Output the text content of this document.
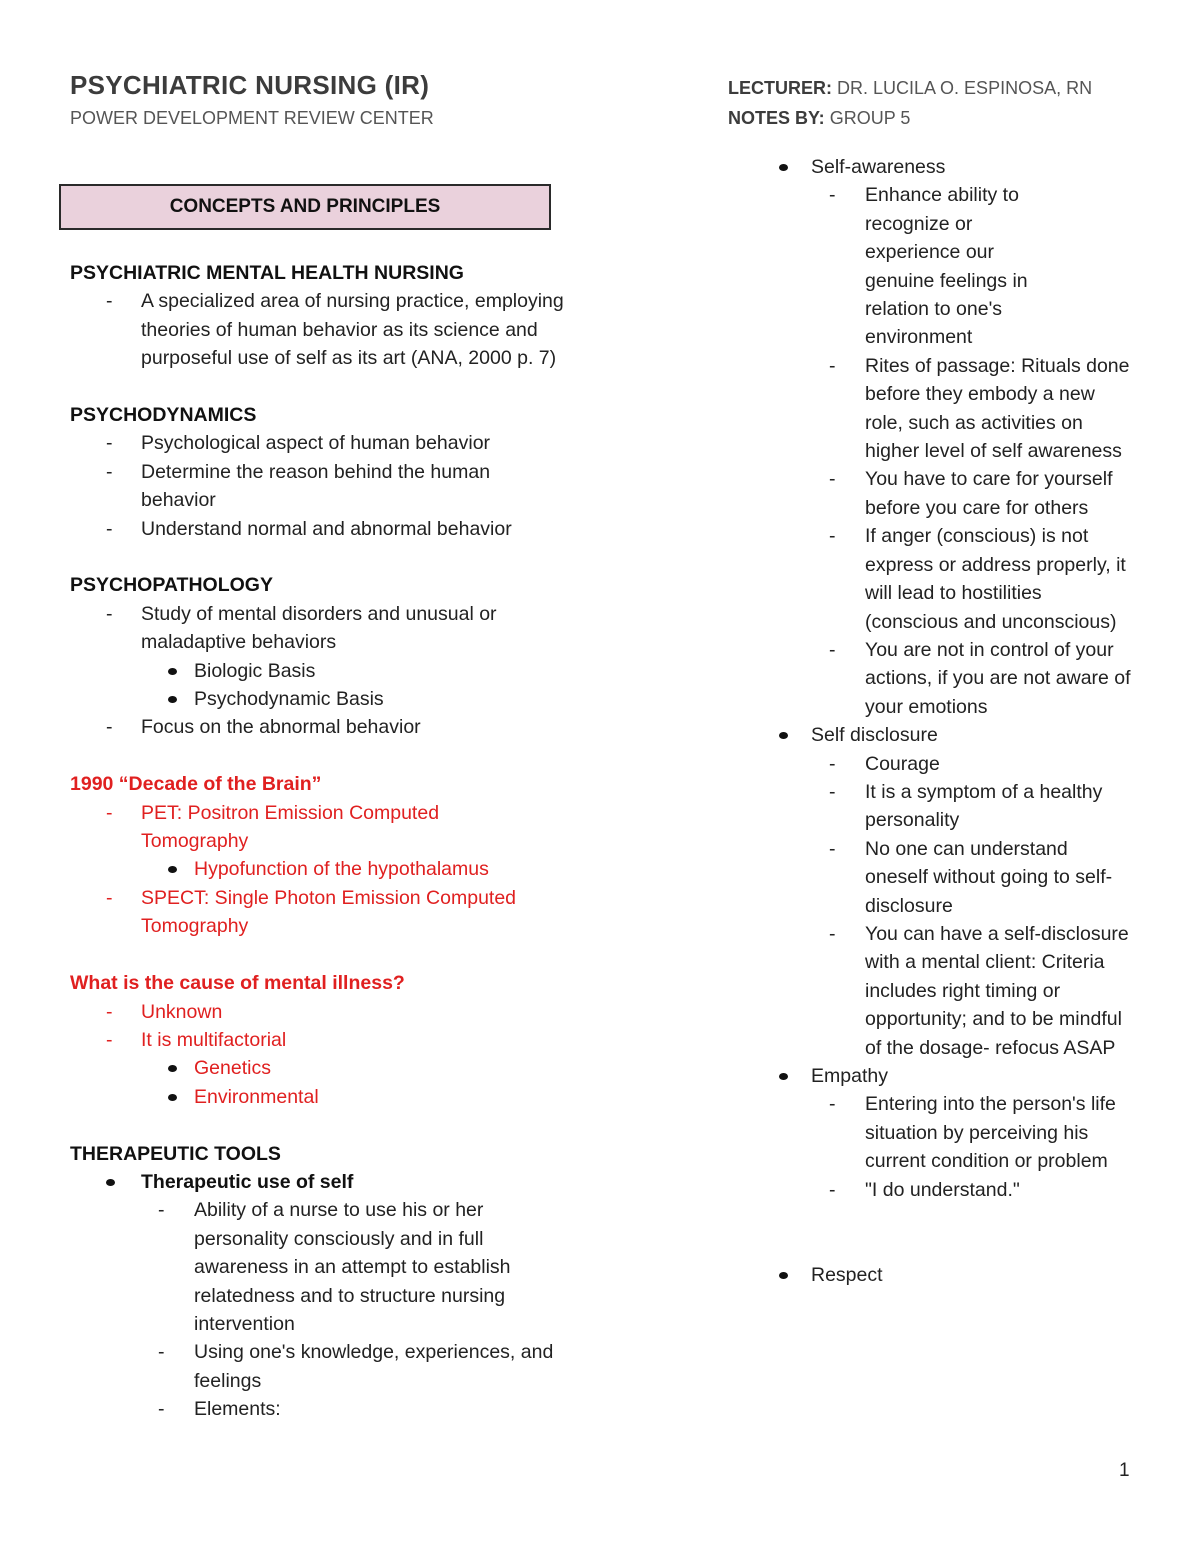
PSYCHIATRIC NURSING (IR)
POWER DEVELOPMENT REVIEW CENTER
LECTURER: DR. LUCILA O. ESPINOSA, RN
NOTES BY: GROUP 5
CONCEPTS AND PRINCIPLES
PSYCHIATRIC MENTAL HEALTH NURSING
- A specialized area of nursing practice, employing theories of human behavior as its science and purposeful use of self as its art (ANA, 2000 p. 7)
PSYCHODYNAMICS
- Psychological aspect of human behavior
- Determine the reason behind the human behavior
- Understand normal and abnormal behavior
PSYCHOPATHOLOGY
- Study of mental disorders and unusual or maladaptive behaviors
Biologic Basis
Psychodynamic Basis
- Focus on the abnormal behavior
1990 “Decade of the Brain”
- PET: Positron Emission Computed Tomography
Hypofunction of the hypothalamus
- SPECT: Single Photon Emission Computed Tomography
What is the cause of mental illness?
- Unknown
- It is multifactorial
Genetics
Environmental
THERAPEUTIC TOOLS
Therapeutic use of self
- Ability of a nurse to use his or her personality consciously and in full awareness in an attempt to establish relatedness and to structure nursing intervention
- Using one's knowledge, experiences, and feelings
- Elements:
Self-awareness
- Enhance ability to recognize or experience our genuine feelings in relation to one's environment
- Rites of passage: Rituals done before they embody a new role, such as activities on higher level of self awareness
- You have to care for yourself before you care for others
- If anger (conscious) is not express or address properly, it will lead to hostilities (conscious and unconscious)
- You are not in control of your actions, if you are not aware of your emotions
Self disclosure
- Courage
- It is a symptom of a healthy personality
- No one can understand oneself without going to self-disclosure
- You can have a self-disclosure with a mental client: Criteria includes right timing or opportunity; and to be mindful of the dosage- refocus ASAP
Empathy
- Entering into the person's life situation by perceiving his current condition or problem
- "I do understand."
Respect
1
